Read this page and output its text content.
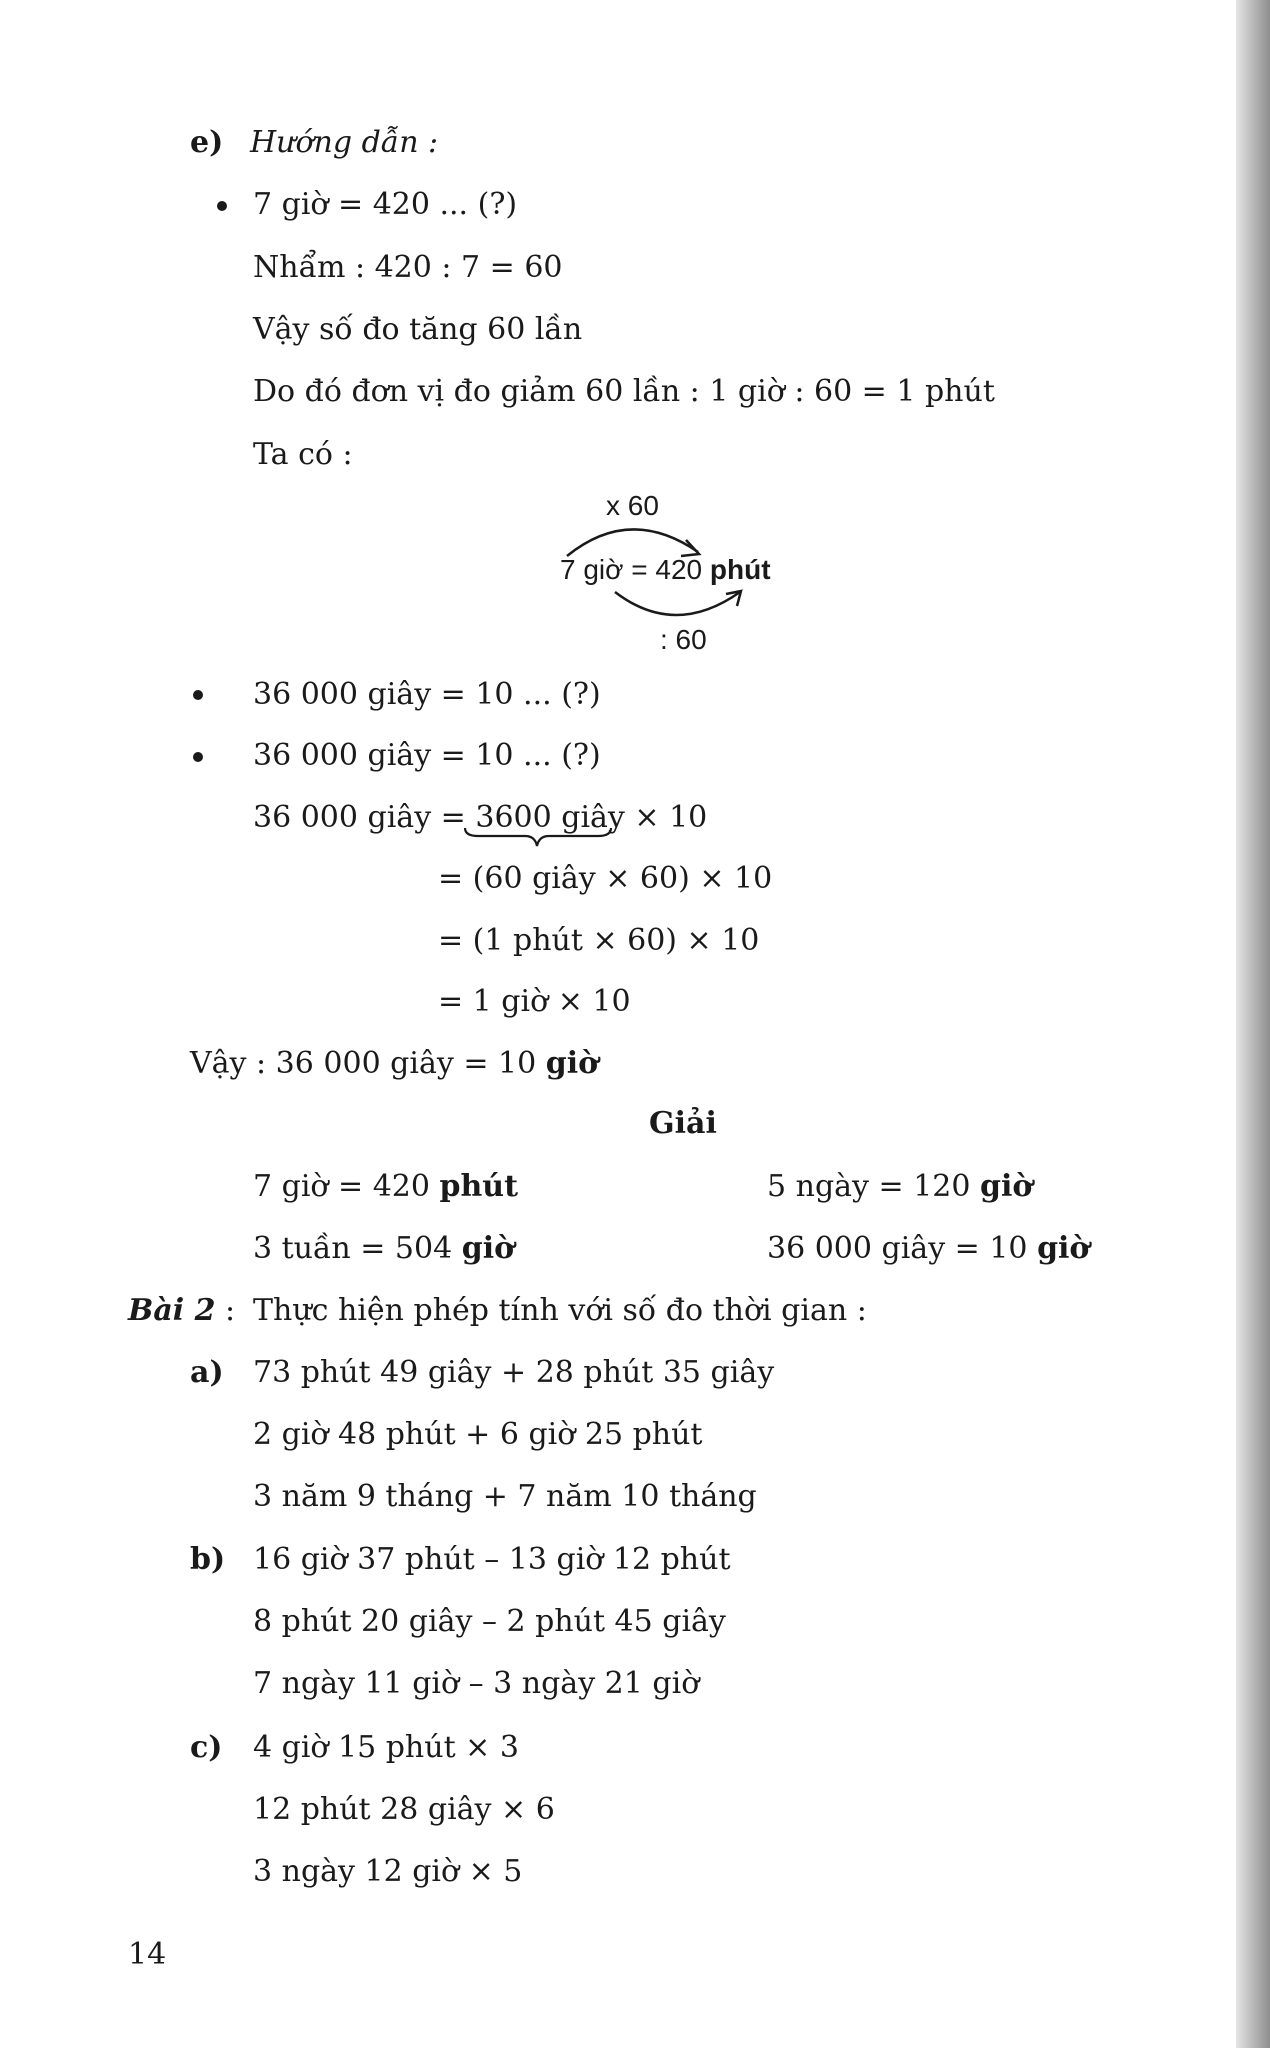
e) Hướng dẫn :
7 giờ = 420 ... (?)
Nhẩm : 420 : 7 = 60
Vậy số đo tăng 60 lần
Do đó đơn vị đo giảm 60 lần : 1 giờ : 60 = 1 phút
Ta có :
x 60
7 giờ = 420 phút
: 60
36 000 giây = 10 ... (?)
36 000 giây = 10 ... (?)
36 000 giây = 3600 giây × 10
= (60 giây × 60) × 10
= (1 phút × 60) × 10
= 1 giờ × 10
Vậy : 36 000 giây = 10 giờ
Giải
7 giờ = 420 phút	5 ngày = 120 giờ
3 tuần = 504 giờ	36 000 giây = 10 giờ
Bài 2 : Thực hiện phép tính với số đo thời gian :
a) 73 phút 49 giây + 28 phút 35 giây
2 giờ 48 phút + 6 giờ 25 phút
3 năm 9 tháng + 7 năm 10 tháng
b) 16 giờ 37 phút – 13 giờ 12 phút
8 phút 20 giây – 2 phút 45 giây
7 ngày 11 giờ – 3 ngày 21 giờ
c) 4 giờ 15 phút × 3
12 phút 28 giây × 6
3 ngày 12 giờ × 5
14
